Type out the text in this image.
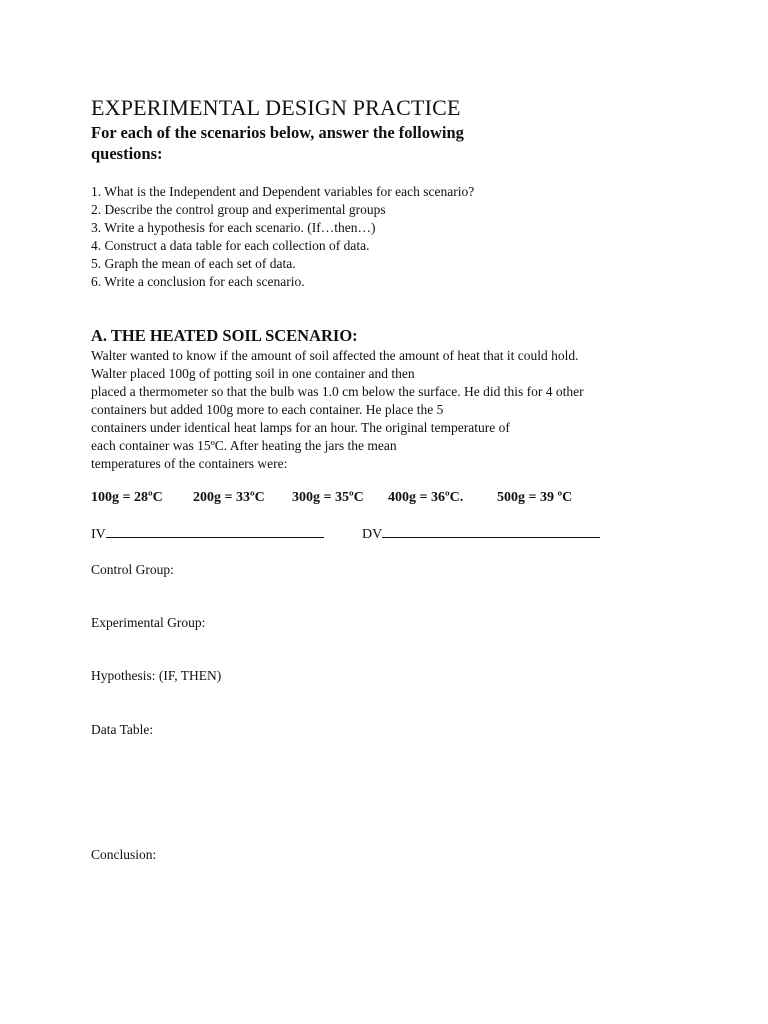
EXPERIMENTAL DESIGN PRACTICE

For each of the scenarios below, answer the following questions:

1. What is the Independent and Dependent variables for each scenario?
2. Describe the control group and experimental groups
3. Write a hypothesis for each scenario. (If…then…)
4. Construct a data table for each collection of data.
5. Graph the mean of each set of data.
6. Write a conclusion for each scenario.
A. THE HEATED SOIL SCENARIO:

Walter wanted to know if the amount of soil affected the amount of heat that it could hold.
Walter placed 100g of potting soil in one container and then
placed a thermometer so that the bulb was 1.0 cm below the surface. He did this for 4 other
containers but added 100g more to each container. He place the 5
containers under identical heat lamps for an hour. The original temperature of
each container was 15ºC. After heating the jars the mean
temperatures of the containers were:

100g = 28ºC 200g = 33ºC 300g = 35ºC 400g = 36ºC. 500g = 39 ºC
IV	DV
Control Group:
Experimental Group:
Hypothesis: (IF, THEN)
Data Table:
Conclusion:
